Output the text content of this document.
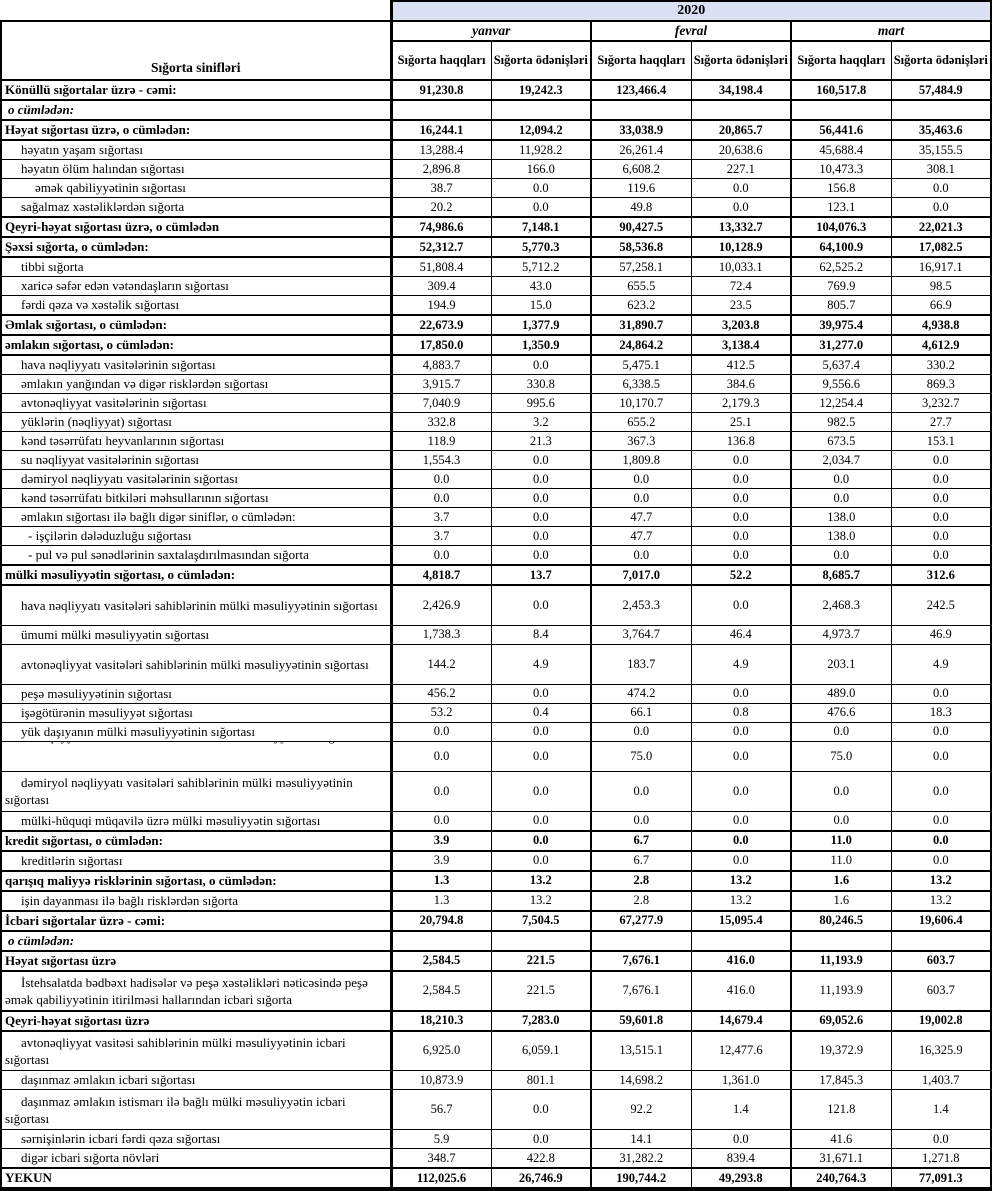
	2020					
Sığorta sinifləri	yanvar		fevral		mart	
	Sığorta haqqları	Sığorta ödənişləri	Sığorta haqqları	Sığorta ödənişləri	Sığorta haqqları	Sığorta ödənişləri
Könüllü sığortalar üzrə - cəmi:	91,230.8	19,242.3	123,466.4	34,198.4	160,517.8	57,484.9
o cümlədən:						
Həyat sığortası üzrə, o cümlədən:	16,244.1	12,094.2	33,038.9	20,865.7	56,441.6	35,463.6
həyatın yaşam sığortası	13,288.4	11,928.2	26,261.4	20,638.6	45,688.4	35,155.5
həyatın ölüm halından sığortası	2,896.8	166.0	6,608.2	227.1	10,473.3	308.1
əmək qabiliyyətinin sığortası	38.7	0.0	119.6	0.0	156.8	0.0
sağalmaz xəstəliklərdən sığorta	20.2	0.0	49.8	0.0	123.1	0.0
Qeyri-həyat sığortası üzrə, o cümlədən	74,986.6	7,148.1	90,427.5	13,332.7	104,076.3	22,021.3
Şəxsi sığorta, o cümlədən:	52,312.7	5,770.3	58,536.8	10,128.9	64,100.9	17,082.5
tibbi sığorta	51,808.4	5,712.2	57,258.1	10,033.1	62,525.2	16,917.1
xaricə səfər edən vətəndaşların sığortası	309.4	43.0	655.5	72.4	769.9	98.5
fərdi qəza və xəstəlik sığortası	194.9	15.0	623.2	23.5	805.7	66.9
Əmlak sığortası, o cümlədən:	22,673.9	1,377.9	31,890.7	3,203.8	39,975.4	4,938.8
əmlakın sığortası, o cümlədən:	17,850.0	1,350.9	24,864.2	3,138.4	31,277.0	4,612.9
hava nəqliyyatı vasitələrinin sığortası	4,883.7	0.0	5,475.1	412.5	5,637.4	330.2
əmlakın yanğından və digər risklərdən sığortası	3,915.7	330.8	6,338.5	384.6	9,556.6	869.3
avtonəqliyyat vasitələrinin sığortası	7,040.9	995.6	10,170.7	2,179.3	12,254.4	3,232.7
yüklərin (nəqliyyat) sığortası	332.8	3.2	655.2	25.1	982.5	27.7
kənd təsərrüfatı heyvanlarının sığortası	118.9	21.3	367.3	136.8	673.5	153.1
su nəqliyyat vasitələrinin sığortası	1,554.3	0.0	1,809.8	0.0	2,034.7	0.0
dəmiryol nəqliyyatı vasitələrinin sığortası	0.0	0.0	0.0	0.0	0.0	0.0
kənd təsərrüfatı bitkiləri məhsullarının sığortası	0.0	0.0	0.0	0.0	0.0	0.0
əmlakın sığortası ilə bağlı digər siniflər, o cümlədən:	3.7	0.0	47.7	0.0	138.0	0.0
- işçilərin dələduzluğu sığortası	3.7	0.0	47.7	0.0	138.0	0.0
- pul və pul sənədlərinin saxtalaşdırılmasından sığorta	0.0	0.0	0.0	0.0	0.0	0.0
mülki məsuliyyətin sığortası, o cümlədən:	4,818.7	13.7	7,017.0	52.2	8,685.7	312.6

hava nəqliyyatı vasitələri sahiblərinin mülki məsuliyyətinin sığortası	2,426.9	0.0	2,453.3	0.0	2,468.3	242.5
ümumi mülki məsuliyyətin sığortası	1,738.3	8.4	3,764.7	46.4	4,973.7	46.9

avtonəqliyyat vasitələri sahiblərinin mülki məsuliyyətinin sığortası	144.2	4.9	183.7	4.9	203.1	4.9
peşə məsuliyyətinin sığortası	456.2	0.0	474.2	0.0	489.0	0.0
işəgötürənin məsuliyyət sığortası	53.2	0.4	66.1	0.8	476.6	18.3
yük daşıyanın mülki məsuliyyətinin sığortası	0.0	0.0	0.0	0.0	0.0	0.0

	0.0	0.0	75.0	0.0	75.0	0.0

dəmiryol nəqliyyatı vasitələri sahiblərinin mülki məsuliyyətinin sığortası	0.0	0.0	0.0	0.0	0.0	0.0
mülki-hüquqi müqavilə üzrə mülki məsuliyyətin sığortası	0.0	0.0	0.0	0.0	0.0	0.0
kredit sığortası, o cümlədən:	3.9	0.0	6.7	0.0	11.0	0.0
kreditlərin sığortası	3.9	0.0	6.7	0.0	11.0	0.0
qarışıq maliyyə risklərinin sığortası, o cümlədən:	1.3	13.2	2.8	13.2	1.6	13.2
işin dayanması ilə bağlı risklərdən sığorta	1.3	13.2	2.8	13.2	1.6	13.2
İcbari sığortalar üzrə - cəmi:	20,794.8	7,504.5	67,277.9	15,095.4	80,246.5	19,606.4
o cümlədən:						
Həyat sığortası üzrə	2,584.5	221.5	7,676.1	416.0	11,193.9	603.7

İstehsalatda bədbəxt hadisələr və peşə xəstəlikləri nəticəsində peşə əmək qabiliyyətinin itirilməsi hallarından icbari sığorta	2,584.5	221.5	7,676.1	416.0	11,193.9	603.7
Qeyri-həyat sığortası üzrə	18,210.3	7,283.0	59,601.8	14,679.4	69,052.6	19,002.8

avtonəqliyyat vasitəsi sahiblərinin mülki məsuliyyətinin icbari sığortası	6,925.0	6,059.1	13,515.1	12,477.6	19,372.9	16,325.9
daşınmaz əmlakın icbari sığortası	10,873.9	801.1	14,698.2	1,361.0	17,845.3	1,403.7

daşınmaz əmlakın istismarı ilə bağlı mülki məsuliyyətin icbari sığortası	56.7	0.0	92.2	1.4	121.8	1.4
sərnişinlərin icbari fərdi qəza sığortası	5.9	0.0	14.1	0.0	41.6	0.0
digər icbari sığorta növləri	348.7	422.8	31,282.2	839.4	31,671.1	1,271.8
YEKUN	112,025.6	26,746.9	190,744.2	49,293.8	240,764.3	77,091.3
